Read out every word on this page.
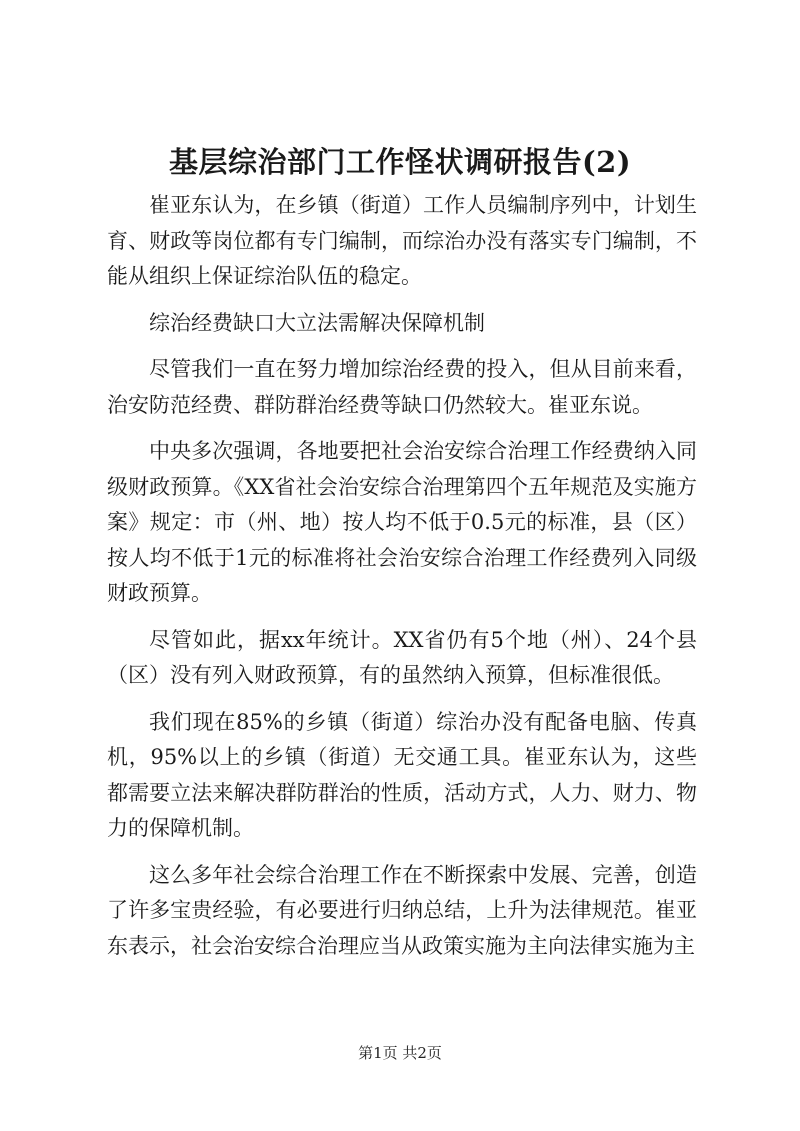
基层综治部门工作怪状调研报告(2)

崔亚东认为，在乡镇（街道）工作人员编制序列中，计划生育、财政等岗位都有专门编制，而综治办没有落实专门编制，不能从组织上保证综治队伍的稳定。

综治经费缺口大立法需解决保障机制

尽管我们一直在努力增加综治经费的投入，但从目前来看，治安防范经费、群防群治经费等缺口仍然较大。崔亚东说。

中央多次强调，各地要把社会治安综合治理工作经费纳入同级财政预算。《XX省社会治安综合治理第四个五年规范及实施方案》规定：市（州、地）按人均不低于0.5元的标准，县（区）按人均不低于1元的标准将社会治安综合治理工作经费列入同级财政预算。

尽管如此，据xx年统计。XX省仍有5个地（州）、24个县（区）没有列入财政预算，有的虽然纳入预算，但标准很低。

我们现在85%的乡镇（街道）综治办没有配备电脑、传真机，95%以上的乡镇（街道）无交通工具。崔亚东认为，这些都需要立法来解决群防群治的性质，活动方式，人力、财力、物力的保障机制。

这么多年社会综合治理工作在不断探索中发展、完善，创造了许多宝贵经验，有必要进行归纳总结，上升为法律规范。崔亚东表示，社会治安综合治理应当从政策实施为主向法律实施为主

第1页 共2页
